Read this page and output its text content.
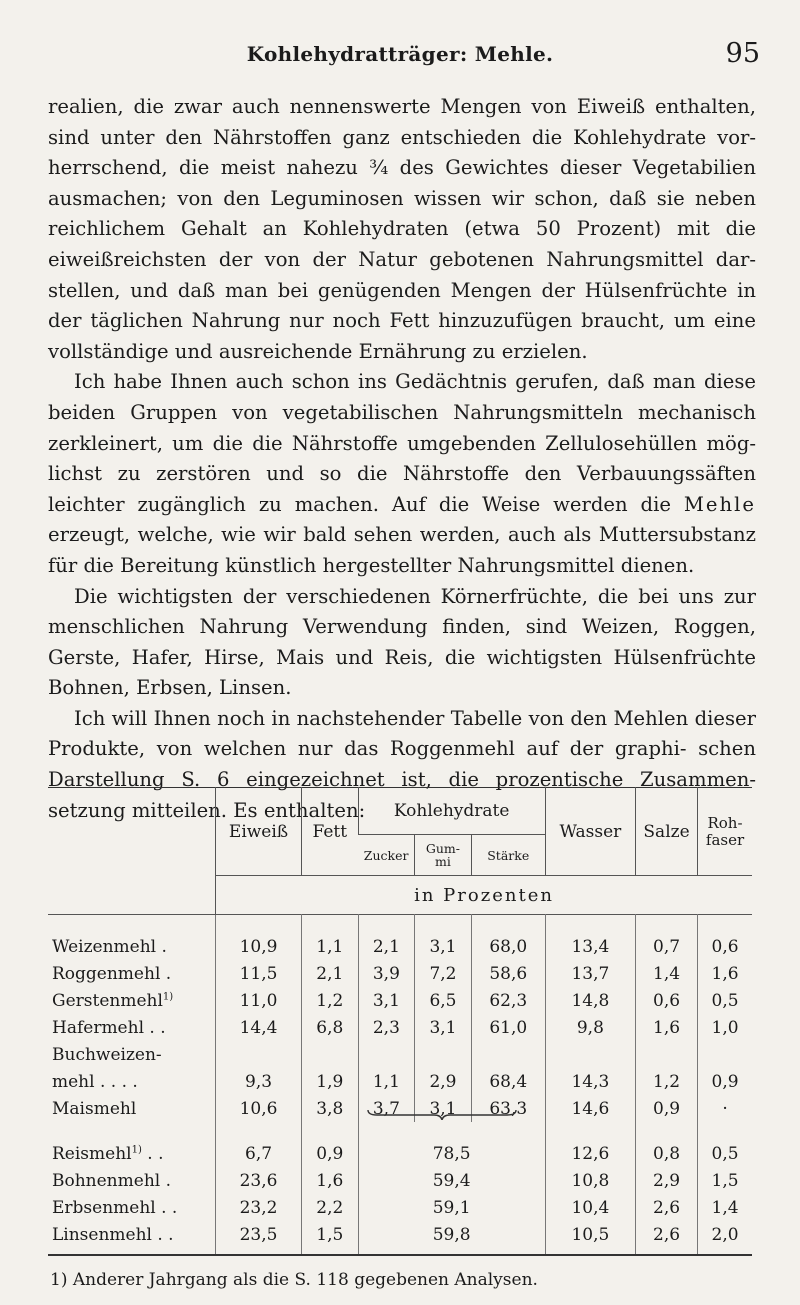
Kohlehydratträger: Mehle.	95

realien, die zwar auch nennenswerte Mengen von Eiweiß enthalten, sind unter den Nährstoffen ganz entschieden die Kohlehydrate vor- herrschend, die meist nahezu ¾ des Gewichtes dieser Vegetabilien ausmachen; von den Leguminosen wissen wir schon, daß sie neben reichlichem Gehalt an Kohlehydraten (etwa 50 Prozent) mit die eiweißreichsten der von der Natur gebotenen Nahrungsmittel dar- stellen, und daß man bei genügenden Mengen der Hülsenfrüchte in der täglichen Nahrung nur noch Fett hinzuzufügen braucht, um eine vollständige und ausreichende Ernährung zu erzielen.

Ich habe Ihnen auch schon ins Gedächtnis gerufen, daß man diese beiden Gruppen von vegetabilischen Nahrungsmitteln mechanisch zerkleinert, um die die Nährstoffe umgebenden Zellulosehüllen mög- lichst zu zerstören und so die Nährstoffe den Verbauungssäften leichter zugänglich zu machen. Auf die Weise werden die Mehle erzeugt, welche, wie wir bald sehen werden, auch als Muttersubstanz für die Bereitung künstlich hergestellter Nahrungsmittel dienen.

Die wichtigsten der verschiedenen Körnerfrüchte, die bei uns zur menschlichen Nahrung Verwendung finden, sind Weizen, Roggen, Gerste, Hafer, Hirse, Mais und Reis, die wichtigsten Hülsenfrüchte Bohnen, Erbsen, Linsen.

Ich will Ihnen noch in nachstehender Tabelle von den Mehlen dieser Produkte, von welchen nur das Roggenmehl auf der graphi- schen Darstellung S. 6 eingezeichnet ist, die prozentische Zusammen- setzung mitteilen. Es enthalten:

	Eiweiß	Fett	Kohlehydrate			Wasser	Salze	Roh- faser
			Zucker	Gum- mi	Stärke			
	in Prozenten							
Weizenmehl .	10,9	1,1	2,1	3,1	68,0	13,4	0,7	0,6
Roggenmehl .	11,5	2,1	3,9	7,2	58,6	13,7	1,4	1,6
Gerstenmehl$^{1)}$	11,0	1,2	3,1	6,5	62,3	14,8	0,6	0,5
Hafermehl . .	14,4	6,8	2,3	3,1	61,0	9,8	1,6	1,0
Buchweizen-								
mehl . . . .	9,3	1,9	1,1	2,9	68,4	14,3	1,2	0,9
Maismehl	10,6	3,8	3,7	3,1	63,3	14,6	0,9	·
Reismehl$^{1)}$ . .	6,7	0,9	78,5			12,6	0,8	0,5
Bohnenmehl .	23,6	1,6	59,4			10,8	2,9	1,5
Erbsenmehl . .	23,2	2,2	59,1			10,4	2,6	1,4
Linsenmehl . .	23,5	1,5	59,8			10,5	2,6	2,0
1) Anderer Jahrgang als die S. 118 gegebenen Analysen.
